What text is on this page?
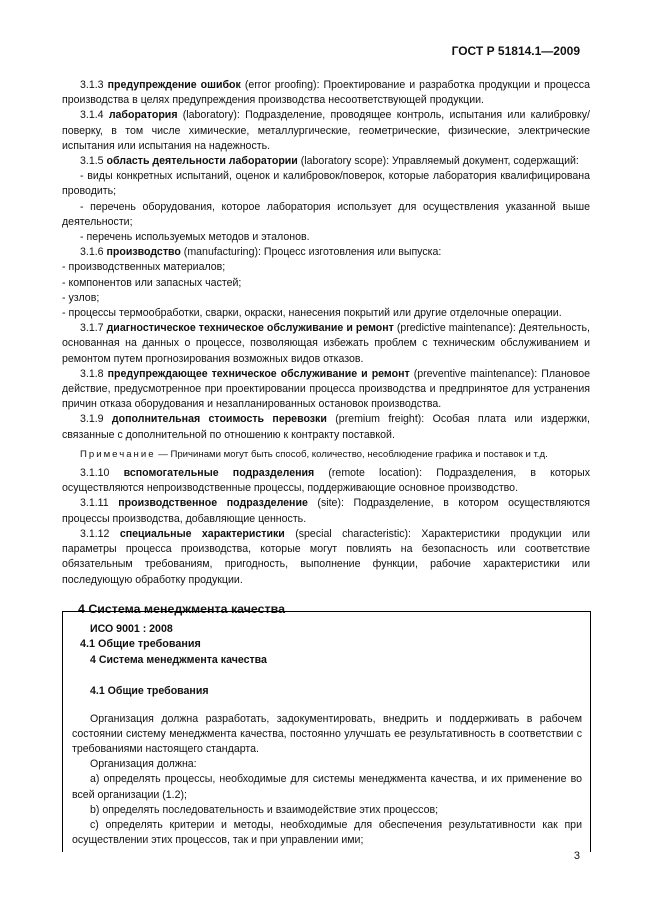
ГОСТ Р 51814.1—2009

3.1.3 предупреждение ошибок (error proofing): Проектирование и разработка продукции и процесса производства в целях предупреждения производства несоответствующей продукции.

3.1.4 лаборатория (laboratory): Подразделение, проводящее контроль, испытания или калибровку/поверку, в том числе химические, металлургические, геометрические, физические, электрические испытания или испытания на надежность.

3.1.5 область деятельности лаборатории (laboratory scope): Управляемый документ, содержащий:

- виды конкретных испытаний, оценок и калибровок/поверок, которые лаборатория квалифицирована проводить;

- перечень оборудования, которое лаборатория использует для осуществления указанной выше деятельности;

- перечень используемых методов и эталонов.

3.1.6 производство (manufacturing): Процесс изготовления или выпуска:

- производственных материалов;

- компонентов или запасных частей;

- узлов;

- процессы термообработки, сварки, окраски, нанесения покрытий или другие отделочные операции.

3.1.7 диагностическое техническое обслуживание и ремонт (predictive maintenance): Деятельность, основанная на данных о процессе, позволяющая избежать проблем с техническим обслуживанием и ремонтом путем прогнозирования возможных видов отказов.

3.1.8 предупреждающее техническое обслуживание и ремонт (preventive maintenance): Плановое действие, предусмотренное при проектировании процесса производства и предпринятое для устранения причин отказа оборудования и незапланированных остановок производства.

3.1.9 дополнительная стоимость перевозки (premium freight): Особая плата или издержки, связанные с дополнительной по отношению к контракту поставкой.

Примечание — Причинами могут быть способ, количество, несоблюдение графика и поставок и т.д.

3.1.10 вспомогательные подразделения (remote location): Подразделения, в которых осуществляются непроизводственные процессы, поддерживающие основное производство.

3.1.11 производственное подразделение (site): Подразделение, в котором осуществляются процессы производства, добавляющие ценность.

3.1.12 специальные характеристики (special characteristic): Характеристики продукции или параметры процесса производства, которые могут повлиять на безопасность или соответствие обязательным требованиям, пригодность, выполнение функции, рабочие характеристики или последующую обработку продукции.

4 Система менеджмента качества
4.1 Общие требования

ИСО 9001 : 2008

4 Система менеджмента качества

4.1 Общие требования

Организация должна разработать, задокументировать, внедрить и поддерживать в рабочем состоянии систему менеджмента качества, постоянно улучшать ее результативность в соответствии с требованиями настоящего стандарта.

Организация должна:

a) определять процессы, необходимые для системы менеджмента качества, и их применение во всей организации (1.2);

b) определять последовательность и взаимодействие этих процессов;

c) определять критерии и методы, необходимые для обеспечения результативности как при осуществлении этих процессов, так и при управлении ими;

3
